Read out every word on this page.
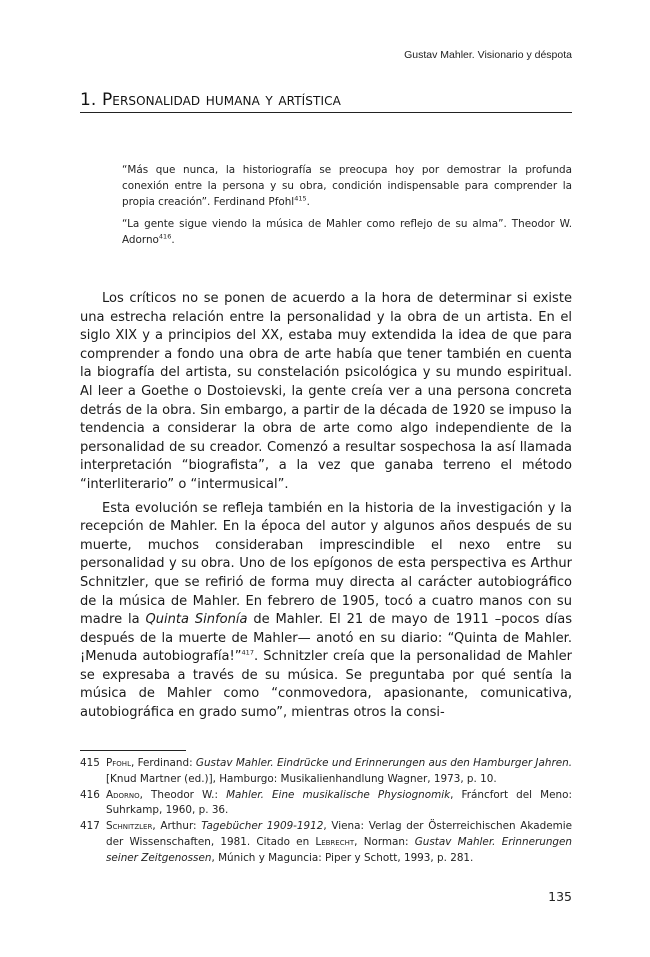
Gustav Mahler. Visionario y déspota
1. Personalidad humana y artística

“Más que nunca, la historiografía se preocupa hoy por demostrar la profunda conexión entre la persona y su obra, condición indispensable para comprender la propia creación”. Ferdinand Pfohl$^{415}$.

“La gente sigue viendo la música de Mahler como reflejo de su alma”. Theodor W. Adorno$^{416}$.

Los críticos no se ponen de acuerdo a la hora de determinar si existe una estrecha relación entre la personalidad y la obra de un artista. En el siglo XIX y a principios del XX, estaba muy extendida la idea de que para comprender a fondo una obra de arte había que tener también en cuenta la biografía del artista, su constelación psicológica y su mundo espiritual. Al leer a Goethe o Dostoievski, la gente creía ver a una persona concreta detrás de la obra. Sin embargo, a partir de la década de 1920 se impuso la tendencia a considerar la obra de arte como algo independiente de la personalidad de su creador. Comenzó a resultar sospechosa la así llamada interpretación “biografista”, a la vez que ganaba terreno el método “interliterario” o “intermusical”.

Esta evolución se refleja también en la historia de la investigación y la recepción de Mahler. En la época del autor y algunos años después de su muerte, muchos consideraban imprescindible el nexo entre su personalidad y su obra. Uno de los epígonos de esta perspectiva es Arthur Schnitzler, que se refirió de forma muy directa al carácter autobiográfico de la música de Mahler. En febrero de 1905, tocó a cuatro manos con su madre la Quinta Sinfonía de Mahler. El 21 de mayo de 1911 –pocos días después de la muerte de Mahler— anotó en su diario: “Quinta de Mahler. ¡Menuda autobiografía!”$^{417}$. Schnitzler creía que la personalidad de Mahler se expresaba a través de su música. Se preguntaba por qué sentía la música de Mahler como “conmovedora, apasionante, comunicativa, autobiográfica en grado sumo”, mientras otros la consi-

415 Pfohl, Ferdinand: Gustav Mahler. Eindrücke und Erinnerungen aus den Hamburger Jahren. [Knud Martner (ed.)], Hamburgo: Musikalienhandlung Wagner, 1973, p. 10.

416 Adorno, Theodor W.: Mahler. Eine musikalische Physiognomik, Fráncfort del Meno: Suhrkamp, 1960, p. 36.

417 Schnitzler, Arthur: Tagebücher 1909-1912, Viena: Verlag der Österreichischen Akademie der Wissenschaften, 1981. Citado en Lebrecht, Norman: Gustav Mahler. Erinnerungen seiner Zeitgenossen, Múnich y Maguncia: Piper y Schott, 1993, p. 281.

135
